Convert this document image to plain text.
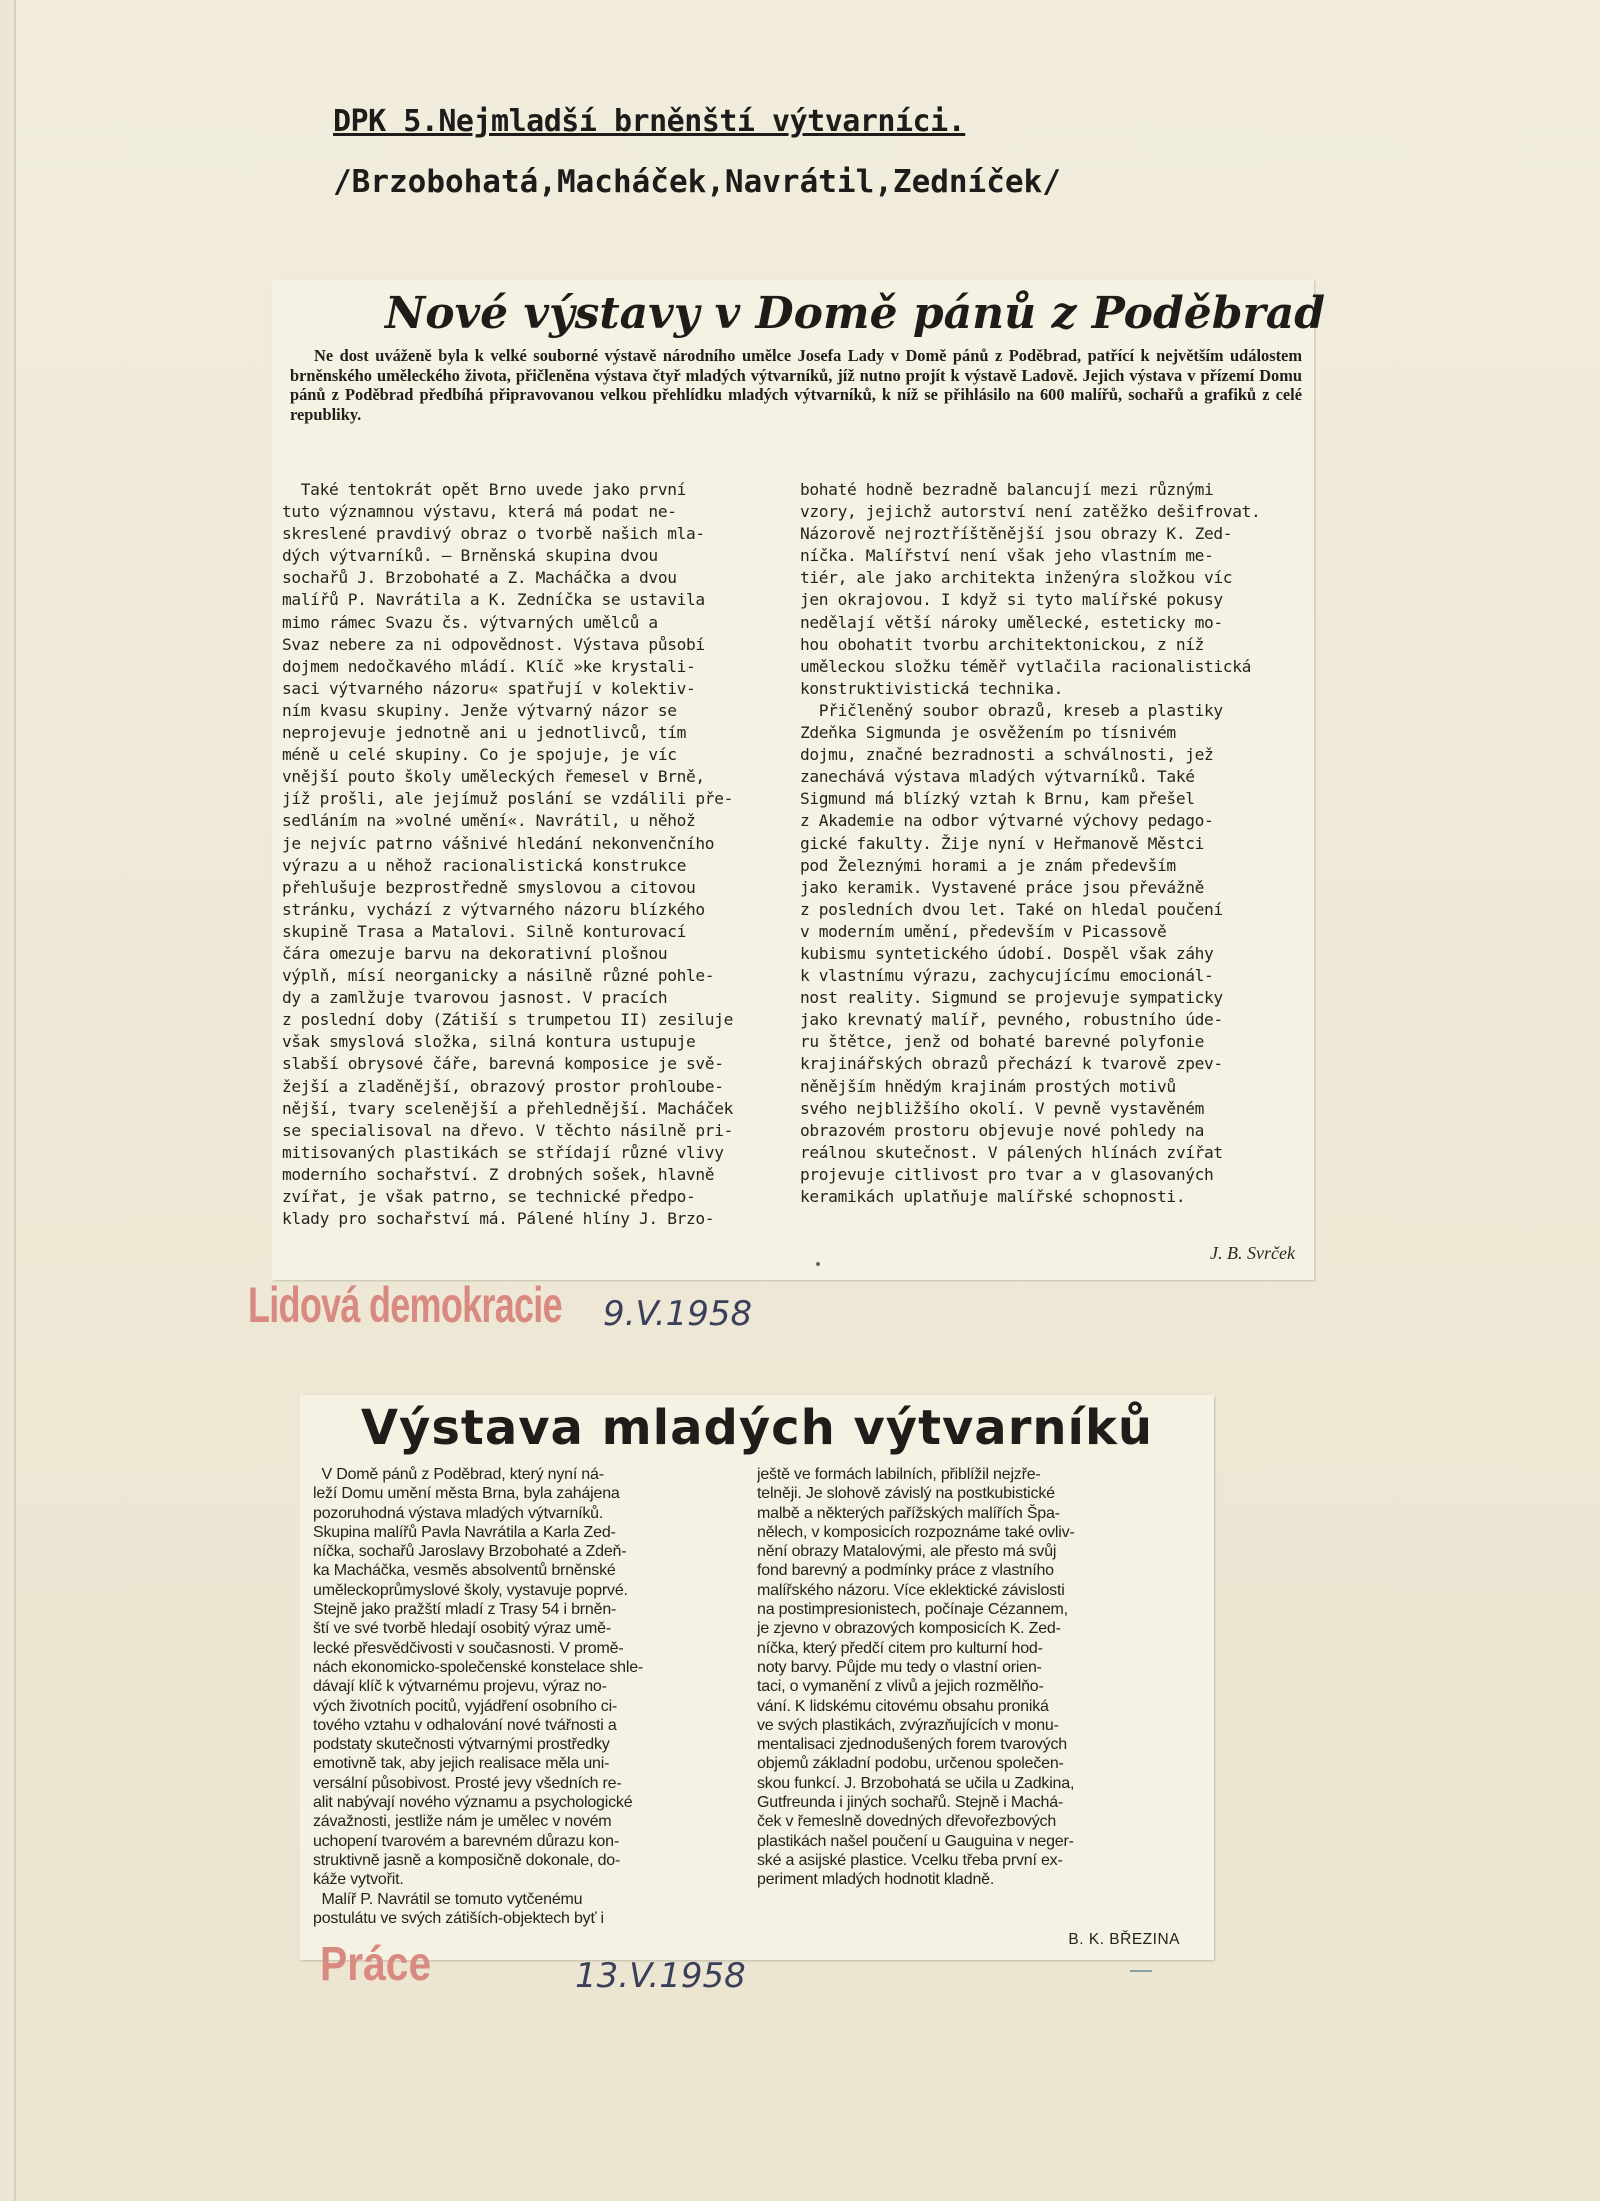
DPK 5.Nejmladší brněnští výtvarníci.
/Brzobohatá,Macháček,Navrátil,Zedníček/
Nové výstavy v Domě pánů z Poděbrad
Ne dost uváženě byla k velké souborné výstavě národního umělce Josefa Lady v Domě pánů z Poděbrad, patřící k největším událostem brněnského uměleckého života, přičleněna výstava čtyř mladých výtvarníků, jíž nutno projít k výstavě Ladově. Jejich výstava v přízemí Domu pánů z Poděbrad předbíhá připravovanou velkou přehlídku mladých výtvarníků, k níž se přihlásilo na 600 malířů, sochařů a grafiků z celé republiky.

Také tentokrát opět Brno uvede jako první

tuto významnou výstavu, která má podat ne-

skreslené pravdivý obraz o tvorbě našich mla-

dých výtvarníků. — Brněnská skupina dvou

sochařů J. Brzobohaté a Z. Macháčka a dvou

malířů P. Navrátila a K. Zedníčka se ustavila

mimo rámec Svazu čs. výtvarných umělců a

Svaz nebere za ni odpovědnost. Výstava působí

dojmem nedočkavého mládí. Klíč »ke krystali-

saci výtvarného názoru« spatřují v kolektiv-

ním kvasu skupiny. Jenže výtvarný názor se

neprojevuje jednotně ani u jednotlivců, tím

méně u celé skupiny. Co je spojuje, je víc

vnější pouto školy uměleckých řemesel v Brně,

jíž prošli, ale jejímuž poslání se vzdálili pře-

sedláním na »volné umění«. Navrátil, u něhož

je nejvíc patrno vášnivé hledání nekonvenčního

výrazu a u něhož racionalistická konstrukce

přehlušuje bezprostředně smyslovou a citovou

stránku, vychází z výtvarného názoru blízkého

skupině Trasa a Matalovi. Silně konturovací

čára omezuje barvu na dekorativní plošnou

výplň, mísí neorganicky a násilně různé pohle-

dy a zamlžuje tvarovou jasnost. V pracích

z poslední doby (Zátiší s trumpetou II) zesiluje

však smyslová složka, silná kontura ustupuje

slabší obrysové čáře, barevná komposice je svě-

žejší a zladěnější, obrazový prostor prohloube-

nější, tvary scelenější a přehlednější. Macháček

se specialisoval na dřevo. V těchto násilně pri-

mitisovaných plastikách se střídají různé vlivy

moderního sochařství. Z drobných sošek, hlavně

zvířat, je však patrno, se technické předpo-

klady pro sochařství má. Pálené hlíny J. Brzo-

bohaté hodně bezradně balancují mezi různými

vzory, jejichž autorství není zatěžko dešifrovat.

Názorově nejroztříštěnější jsou obrazy K. Zed-

níčka. Malířství není však jeho vlastním me-

tiér, ale jako architekta inženýra složkou víc

jen okrajovou. I když si tyto malířské pokusy

nedělají větší nároky umělecké, esteticky mo-

hou obohatit tvorbu architektonickou, z níž

uměleckou složku téměř vytlačila racionalistická

konstruktivistická technika.

Přičleněný soubor obrazů, kreseb a plastiky

Zdeňka Sigmunda je osvěžením po tísnivém

dojmu, značné bezradnosti a schválnosti, jež

zanechává výstava mladých výtvarníků. Také

Sigmund má blízký vztah k Brnu, kam přešel

z Akademie na odbor výtvarné výchovy pedago-

gické fakulty. Žije nyní v Heřmanově Městci

pod Železnými horami a je znám především

jako keramik. Vystavené práce jsou převážně

z posledních dvou let. Také on hledal poučení

v moderním umění, především v Picassově

kubismu syntetického údobí. Dospěl však záhy

k vlastnímu výrazu, zachycujícímu emocionál-

nost reality. Sigmund se projevuje sympaticky

jako krevnatý malíř, pevného, robustního úde-

ru štětce, jenž od bohaté barevné polyfonie

krajinářských obrazů přechází k tvarově zpev-

něnějším hnědým krajinám prostých motivů

svého nejbližšího okolí. V pevně vystavěném

obrazovém prostoru objevuje nové pohledy na

reálnou skutečnost. V pálených hlínách zvířat

projevuje citlivost pro tvar a v glasovaných

keramikách uplatňuje malířské schopnosti.

J. B. Svrček
Lidová demokracie 9.V.1958
Výstava mladých výtvarníků

V Domě pánů z Poděbrad, který nyní ná-

leží Domu umění města Brna, byla zahájena

pozoruhodná výstava mladých výtvarníků.

Skupina malířů Pavla Navrátila a Karla Zed-

níčka, sochařů Jaroslavy Brzobohaté a Zdeň-

ka Macháčka, vesměs absolventů brněnské

uměleckoprůmyslové školy, vystavuje poprvé.

Stejně jako pražští mladí z Trasy 54 i brněn-

ští ve své tvorbě hledají osobitý výraz umě-

lecké přesvědčivosti v současnosti. V promě-

nách ekonomicko-společenské konstelace shle-

dávají klíč k výtvarnému projevu, výraz no-

vých životních pocitů, vyjádření osobního ci-

tového vztahu v odhalování nové tvářnosti a

podstaty skutečnosti výtvarnými prostředky

emotivně tak, aby jejich realisace měla uni-

versální působivost. Prosté jevy všedních re-

alit nabývají nového významu a psychologické

závažnosti, jestliže nám je umělec v novém

uchopení tvarovém a barevném důrazu kon-

struktivně jasně a komposičně dokonale, do-

káže vytvořit.

Malíř P. Navrátil se tomuto vytčenému

postulátu ve svých zátiších-objektech byť i

ještě ve formách labilních, přiblížil nejzře-

telněji. Je slohově závislý na postkubistické

malbě a některých pařížských malířích Špa-

nělech, v komposicích rozpoznáme také ovliv-

nění obrazy Matalovými, ale přesto má svůj

fond barevný a podmínky práce z vlastního

malířského názoru. Více eklektické závislosti

na postimpresionistech, počínaje Cézannem,

je zjevno v obrazových komposicích K. Zed-

níčka, který předčí citem pro kulturní hod-

noty barvy. Půjde mu tedy o vlastní orien-

taci, o vymanění z vlivů a jejich rozmělňo-

vání. K lidskému citovému obsahu proniká

ve svých plastikách, zvýrazňujících v monu-

mentalisaci zjednodušených forem tvarových

objemů základní podobu, určenou společen-

skou funkcí. J. Brzobohatá se učila u Zadkina,

Gutfreunda i jiných sochařů. Stejně i Machá-

ček v řemeslně dovedných dřevořezbových

plastikách našel poučení u Gauguina v neger-

ské a asijské plastice. Vcelku třeba první ex-

periment mladých hodnotit kladně.

B. K. BŘEZINA
Práce	13.V.1958
